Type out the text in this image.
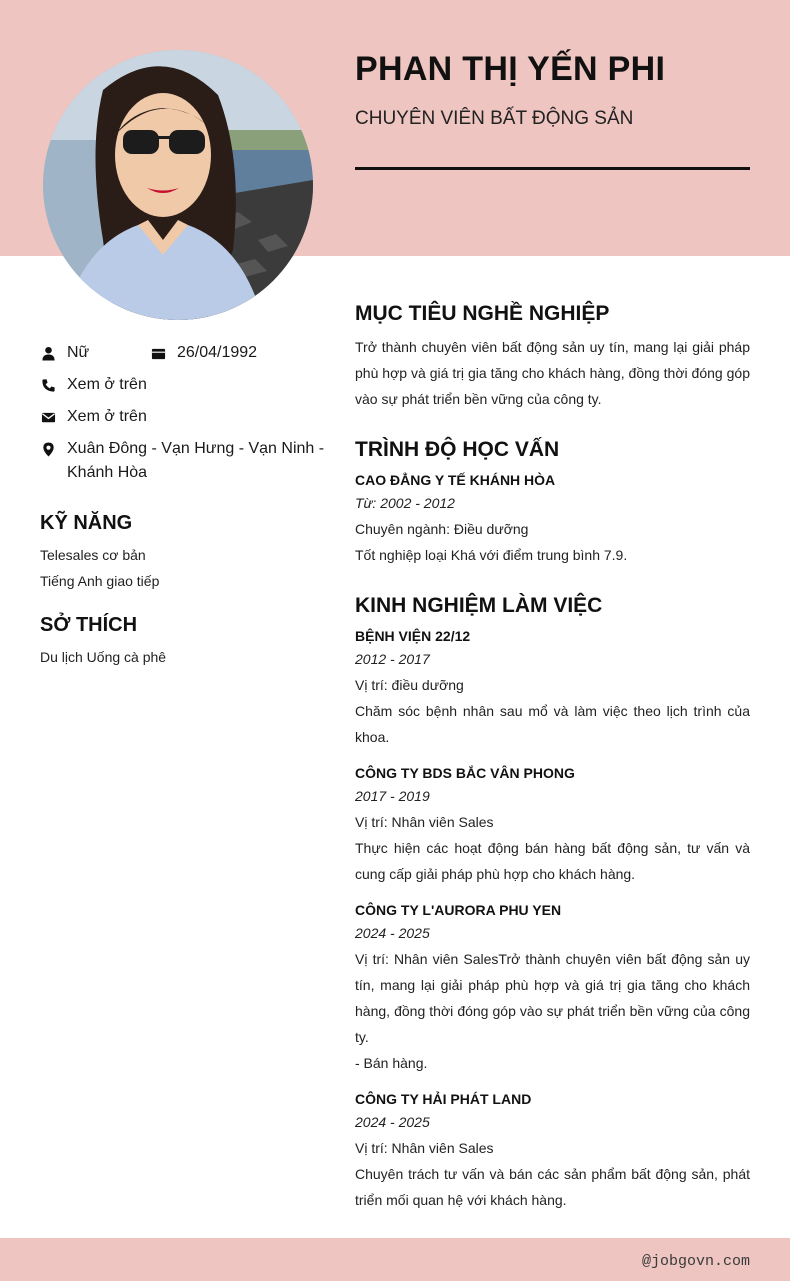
PHAN THỊ YẾN PHI
CHUYÊN VIÊN BẤT ĐỘNG SẢN
Nữ	26/04/1992
Xem ở trên
Xem ở trên
Xuân Đông - Vạn Hưng - Vạn Ninh - Khánh Hòa
KỸ NĂNG
Telesales cơ bản
Tiếng Anh giao tiếp
SỞ THÍCH
Du lịch Uống cà phê
MỤC TIÊU NGHỀ NGHIỆP
Trở thành chuyên viên bất động sản uy tín, mang lại giải pháp phù hợp và giá trị gia tăng cho khách hàng, đồng thời đóng góp vào sự phát triển bền vững của công ty.
TRÌNH ĐỘ HỌC VẤN
CAO ĐẲNG Y TẾ KHÁNH HÒA
Từ: 2002 - 2012
Chuyên ngành: Điều dưỡng
Tốt nghiệp loại Khá với điểm trung bình 7.9.
KINH NGHIỆM LÀM VIỆC
BỆNH VIỆN 22/12
2012 - 2017
Vị trí: điều dưỡng
Chăm sóc bệnh nhân sau mổ và làm việc theo lịch trình của khoa.
CÔNG TY BDS BẮC VÂN PHONG
2017 - 2019
Vị trí: Nhân viên Sales
Thực hiện các hoạt động bán hàng bất động sản, tư vấn và cung cấp giải pháp phù hợp cho khách hàng.
CÔNG TY L'AURORA PHU YEN
2024 - 2025
Vị trí: Nhân viên SalesTrở thành chuyên viên bất động sản uy tín, mang lại giải pháp phù hợp và giá trị gia tăng cho khách hàng, đồng thời đóng góp vào sự phát triển bền vững của công ty.
- Bán hàng.
CÔNG TY HẢI PHÁT LAND
2024 - 2025
Vị trí: Nhân viên Sales
Chuyên trách tư vấn và bán các sản phẩm bất động sản, phát triển mối quan hệ với khách hàng.
@jobgovn.com
